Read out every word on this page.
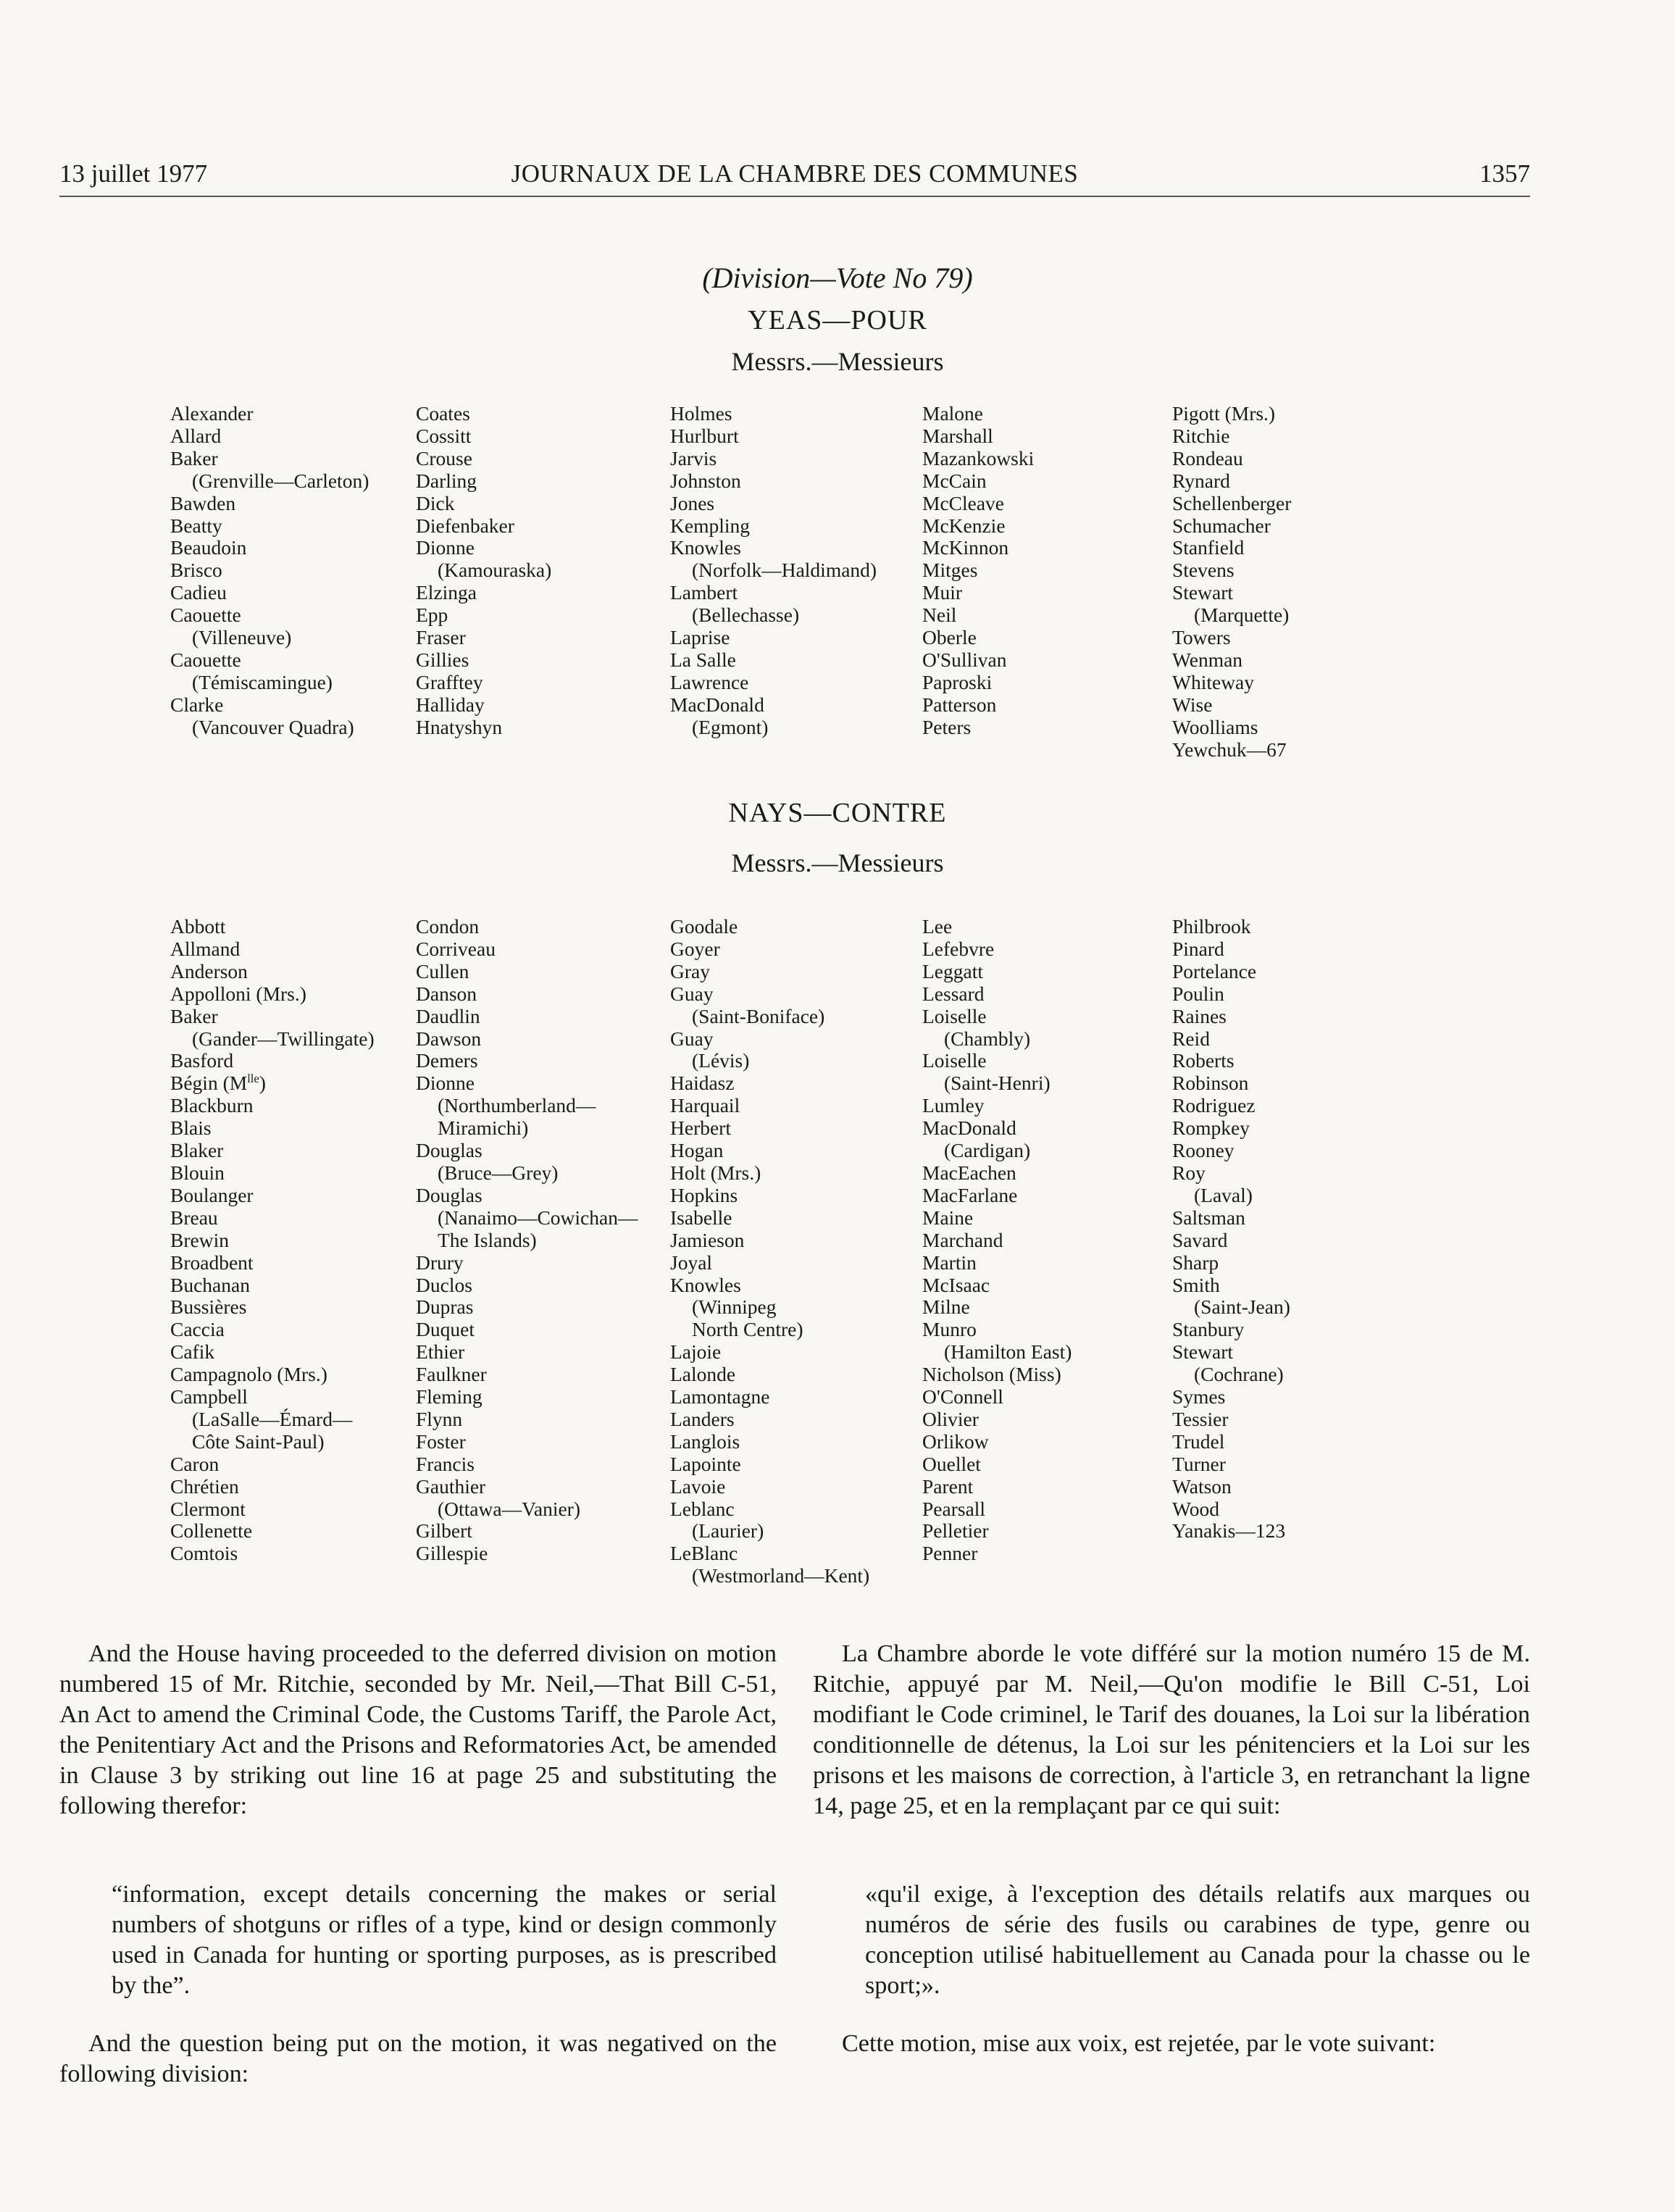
13 juillet 1977	JOURNAUX DE LA CHAMBRE DES COMMUNES	1357
(Division—Vote No 79)
YEAS—POUR
Messrs.—Messieurs
Alexander
Allard
Baker
(Grenville—Carleton)
Bawden
Beatty
Beaudoin
Brisco
Cadieu
Caouette
(Villeneuve)
Caouette
(Témiscamingue)
Clarke
(Vancouver Quadra)
Coates
Cossitt
Crouse
Darling
Dick
Diefenbaker
Dionne
(Kamouraska)
Elzinga
Epp
Fraser
Gillies
Grafftey
Halliday
Hnatyshyn
Holmes
Hurlburt
Jarvis
Johnston
Jones
Kempling
Knowles
(Norfolk—Haldimand)
Lambert
(Bellechasse)
Laprise
La Salle
Lawrence
MacDonald
(Egmont)
Malone
Marshall
Mazankowski
McCain
McCleave
McKenzie
McKinnon
Mitges
Muir
Neil
Oberle
O'Sullivan
Paproski
Patterson
Peters
Pigott (Mrs.)
Ritchie
Rondeau
Rynard
Schellenberger
Schumacher
Stanfield
Stevens
Stewart
(Marquette)
Towers
Wenman
Whiteway
Wise
Woolliams
Yewchuk—67
NAYS—CONTRE
Messrs.—Messieurs
Abbott
Allmand
Anderson
Appolloni (Mrs.)
Baker
(Gander—Twillingate)
Basford
Bégin $(M^{lle})$
Blackburn
Blais
Blaker
Blouin
Boulanger
Breau
Brewin
Broadbent
Buchanan
Bussières
Caccia
Cafik
Campagnolo (Mrs.)
Campbell
(LaSalle—Émard—
Côte Saint-Paul)
Caron
Chrétien
Clermont
Collenette
Comtois
Condon
Corriveau
Cullen
Danson
Daudlin
Dawson
Demers
Dionne
(Northumberland—
Miramichi)
Douglas
(Bruce—Grey)
Douglas
(Nanaimo—Cowichan—
The Islands)
Drury
Duclos
Dupras
Duquet
Ethier
Faulkner
Fleming
Flynn
Foster
Francis
Gauthier
(Ottawa—Vanier)
Gilbert
Gillespie
Goodale
Goyer
Gray
Guay
(Saint-Boniface)
Guay
(Lévis)
Haidasz
Harquail
Herbert
Hogan
Holt (Mrs.)
Hopkins
Isabelle
Jamieson
Joyal
Knowles
(Winnipeg
North Centre)
Lajoie
Lalonde
Lamontagne
Landers
Langlois
Lapointe
Lavoie
Leblanc
(Laurier)
LeBlanc
(Westmorland—Kent)
Lee
Lefebvre
Leggatt
Lessard
Loiselle
(Chambly)
Loiselle
(Saint-Henri)
Lumley
MacDonald
(Cardigan)
MacEachen
MacFarlane
Maine
Marchand
Martin
McIsaac
Milne
Munro
(Hamilton East)
Nicholson (Miss)
O'Connell
Olivier
Orlikow
Ouellet
Parent
Pearsall
Pelletier
Penner
Philbrook
Pinard
Portelance
Poulin
Raines
Reid
Roberts
Robinson
Rodriguez
Rompkey
Rooney
Roy
(Laval)
Saltsman
Savard
Sharp
Smith
(Saint-Jean)
Stanbury
Stewart
(Cochrane)
Symes
Tessier
Trudel
Turner
Watson
Wood
Yanakis—123

And the House having proceeded to the deferred division on motion numbered 15 of Mr. Ritchie, seconded by Mr. Neil,—That Bill C-51, An Act to amend the Criminal Code, the Customs Tariff, the Parole Act, the Penitentiary Act and the Prisons and Reformatories Act, be amended in Clause 3 by striking out line 16 at page 25 and substituting the following therefor:

“information, except details concerning the makes or serial numbers of shotguns or rifles of a type, kind or design commonly used in Canada for hunting or sporting purposes, as is prescribed by the”.

And the question being put on the motion, it was negatived on the following division:

La Chambre aborde le vote différé sur la motion numéro 15 de M. Ritchie, appuyé par M. Neil,—Qu'on modifie le Bill C-51, Loi modifiant le Code criminel, le Tarif des douanes, la Loi sur la libération conditionnelle de détenus, la Loi sur les pénitenciers et la Loi sur les prisons et les maisons de correction, à l'article 3, en retranchant la ligne 14, page 25, et en la remplaçant par ce qui suit:

«qu'il exige, à l'exception des détails relatifs aux marques ou numéros de série des fusils ou carabines de type, genre ou conception utilisé habituellement au Canada pour la chasse ou le sport;».

Cette motion, mise aux voix, est rejetée, par le vote suivant:
